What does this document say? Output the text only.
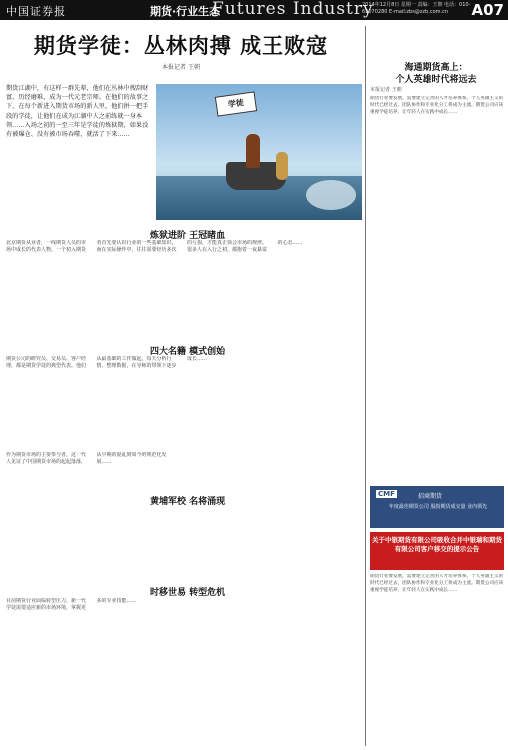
中国证券报	期货·行业生态
Futures Industry
2014年12月8日 星期一 责编：王朝 电话：010-63070280 E-mail:zbs@zzb.com.cn	A07
期货学徒：丛林肉搏 成王败寇
本报记者 王朝
期货江湖中，有这样一群先辈，他们在丛林中搜刮财富，历经磨难，成为一代元老宗师。在他们的故事之下，在每个新进入期货市场的新人里，他们拼一把手段的学徒，让他们在成为江湖中人之前练就一身本领……入场之初的一至三年是学徒的炼狱期，如果没有被爆仓、没有被市场吞噬，就活了下来……
学徒
炼狱进阶 王冠睹血
北京期货从业者，一线期货人员的市场中成长的代表人物。一个初入期货者首先要认识行业的一些基础知识，而在实际操作中，往往需要经历多次的亏损，才能真正领会市场的规律。很多人在入行之初，都抱着一夜暴富的心态……
四大名籍 模式创始
期货公司的研究员、交易员、客户经理，都是期货学徒的典型代表。他们从最基础的工作做起，每天分析行情、整理数据，在导师的带领下逐步成长……
黄埔军校 名将涌现
作为期货市场的主要参与者，这一代人见证了中国期货市场的起起落落，从早期的混乱到如今的规范化发展……
时移世易 转型危机
目前期货行业面临转型压力，新一代学徒需要适应新的市场环境，掌握更多的专业技能……
海通期货高上：
个人英雄时代将远去
本报记者 王朝
期货行业要发展，需要建立完善的人才培养体系。个人英雄主义的时代已经过去，团队协作和专业化分工将成为主流。期货公司应该重视学徒培养，让年轻人在实践中成长……
CMF	招商期货
年度最佳期货公司 股指期货成交量 业内领先
关于中银期货有限公司吸收合并中银瑞和期货有限公司客户移交的提示公告
期货行业要发展，需要建立完善的人才培养体系。个人英雄主义的时代已经过去，团队协作和专业化分工将成为主流。期货公司应该重视学徒培养，让年轻人在实践中成长……
